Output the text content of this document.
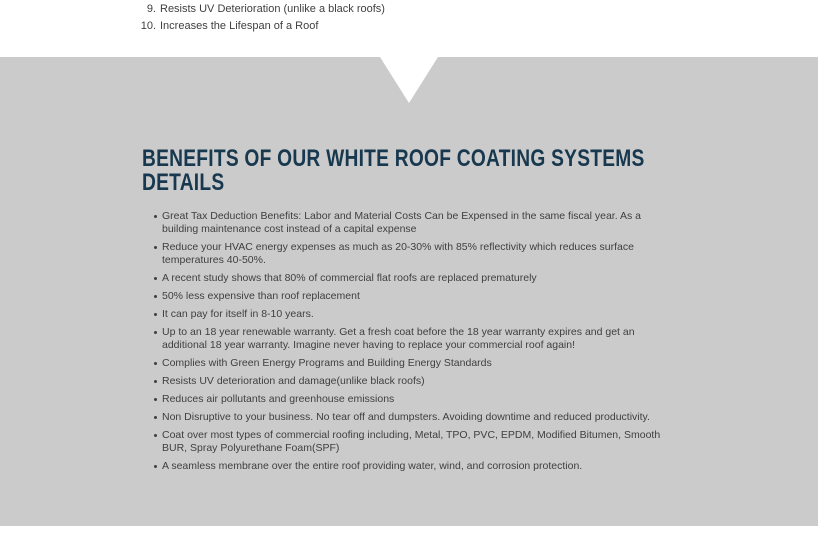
9. Resists UV Deterioration (unlike a black roofs)
10. Increases the Lifespan of a Roof
BENEFITS OF OUR WHITE ROOF COATING SYSTEMS DETAILS
Great Tax Deduction Benefits: Labor and Material Costs Can be Expensed in the same fiscal year. As a building maintenance cost instead of a capital expense
Reduce your HVAC energy expenses as much as 20-30% with 85% reflectivity which reduces surface temperatures 40-50%.
A recent study shows that 80% of commercial flat roofs are replaced prematurely
50% less expensive than roof replacement
It can pay for itself in 8-10 years.
Up to an 18 year renewable warranty. Get a fresh coat before the 18 year warranty expires and get an additional 18 year warranty. Imagine never having to replace your commercial roof again!
Complies with Green Energy Programs and Building Energy Standards
Resists UV deterioration and damage(unlike black roofs)
Reduces air pollutants and greenhouse emissions
Non Disruptive to your business. No tear off and dumpsters. Avoiding downtime and reduced productivity.
Coat over most types of commercial roofing including, Metal, TPO, PVC, EPDM, Modified Bitumen, Smooth BUR, Spray Polyurethane Foam(SPF)
A seamless membrane over the entire roof providing water, wind, and corrosion protection.
